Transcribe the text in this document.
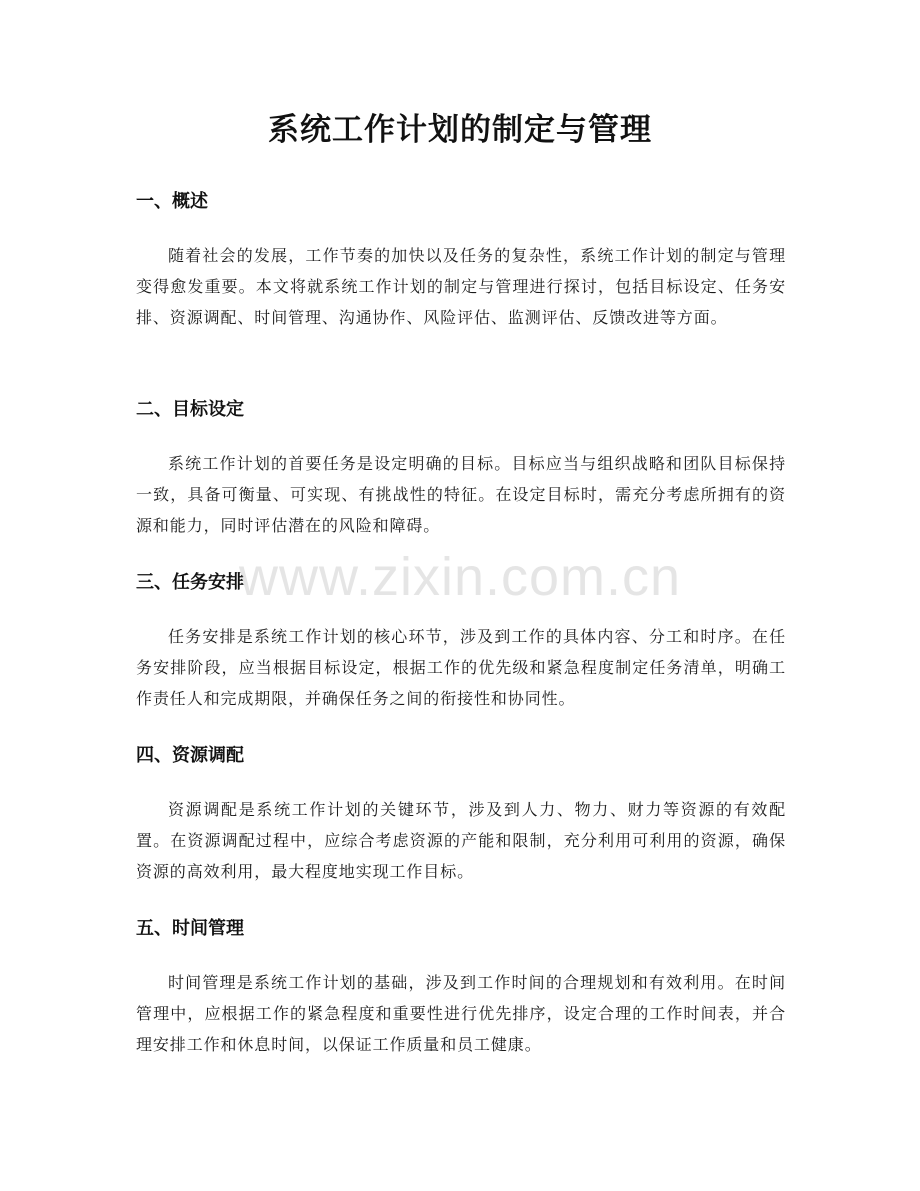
系统工作计划的制定与管理
一、概述

随着社会的发展，工作节奏的加快以及任务的复杂性，系统工作计划的制定与管理变得愈发重要。本文将就系统工作计划的制定与管理进行探讨，包括目标设定、任务安排、资源调配、时间管理、沟通协作、风险评估、监测评估、反馈改进等方面。

二、目标设定

系统工作计划的首要任务是设定明确的目标。目标应当与组织战略和团队目标保持一致，具备可衡量、可实现、有挑战性的特征。在设定目标时，需充分考虑所拥有的资源和能力，同时评估潜在的风险和障碍。

三、任务安排

任务安排是系统工作计划的核心环节，涉及到工作的具体内容、分工和时序。在任务安排阶段，应当根据目标设定，根据工作的优先级和紧急程度制定任务清单，明确工作责任人和完成期限，并确保任务之间的衔接性和协同性。

四、资源调配

资源调配是系统工作计划的关键环节，涉及到人力、物力、财力等资源的有效配置。在资源调配过程中，应综合考虑资源的产能和限制，充分利用可利用的资源，确保资源的高效利用，最大程度地实现工作目标。

五、时间管理

时间管理是系统工作计划的基础，涉及到工作时间的合理规划和有效利用。在时间管理中，应根据工作的紧急程度和重要性进行优先排序，设定合理的工作时间表，并合理安排工作和休息时间，以保证工作质量和员工健康。

www.zixin.com.cn
